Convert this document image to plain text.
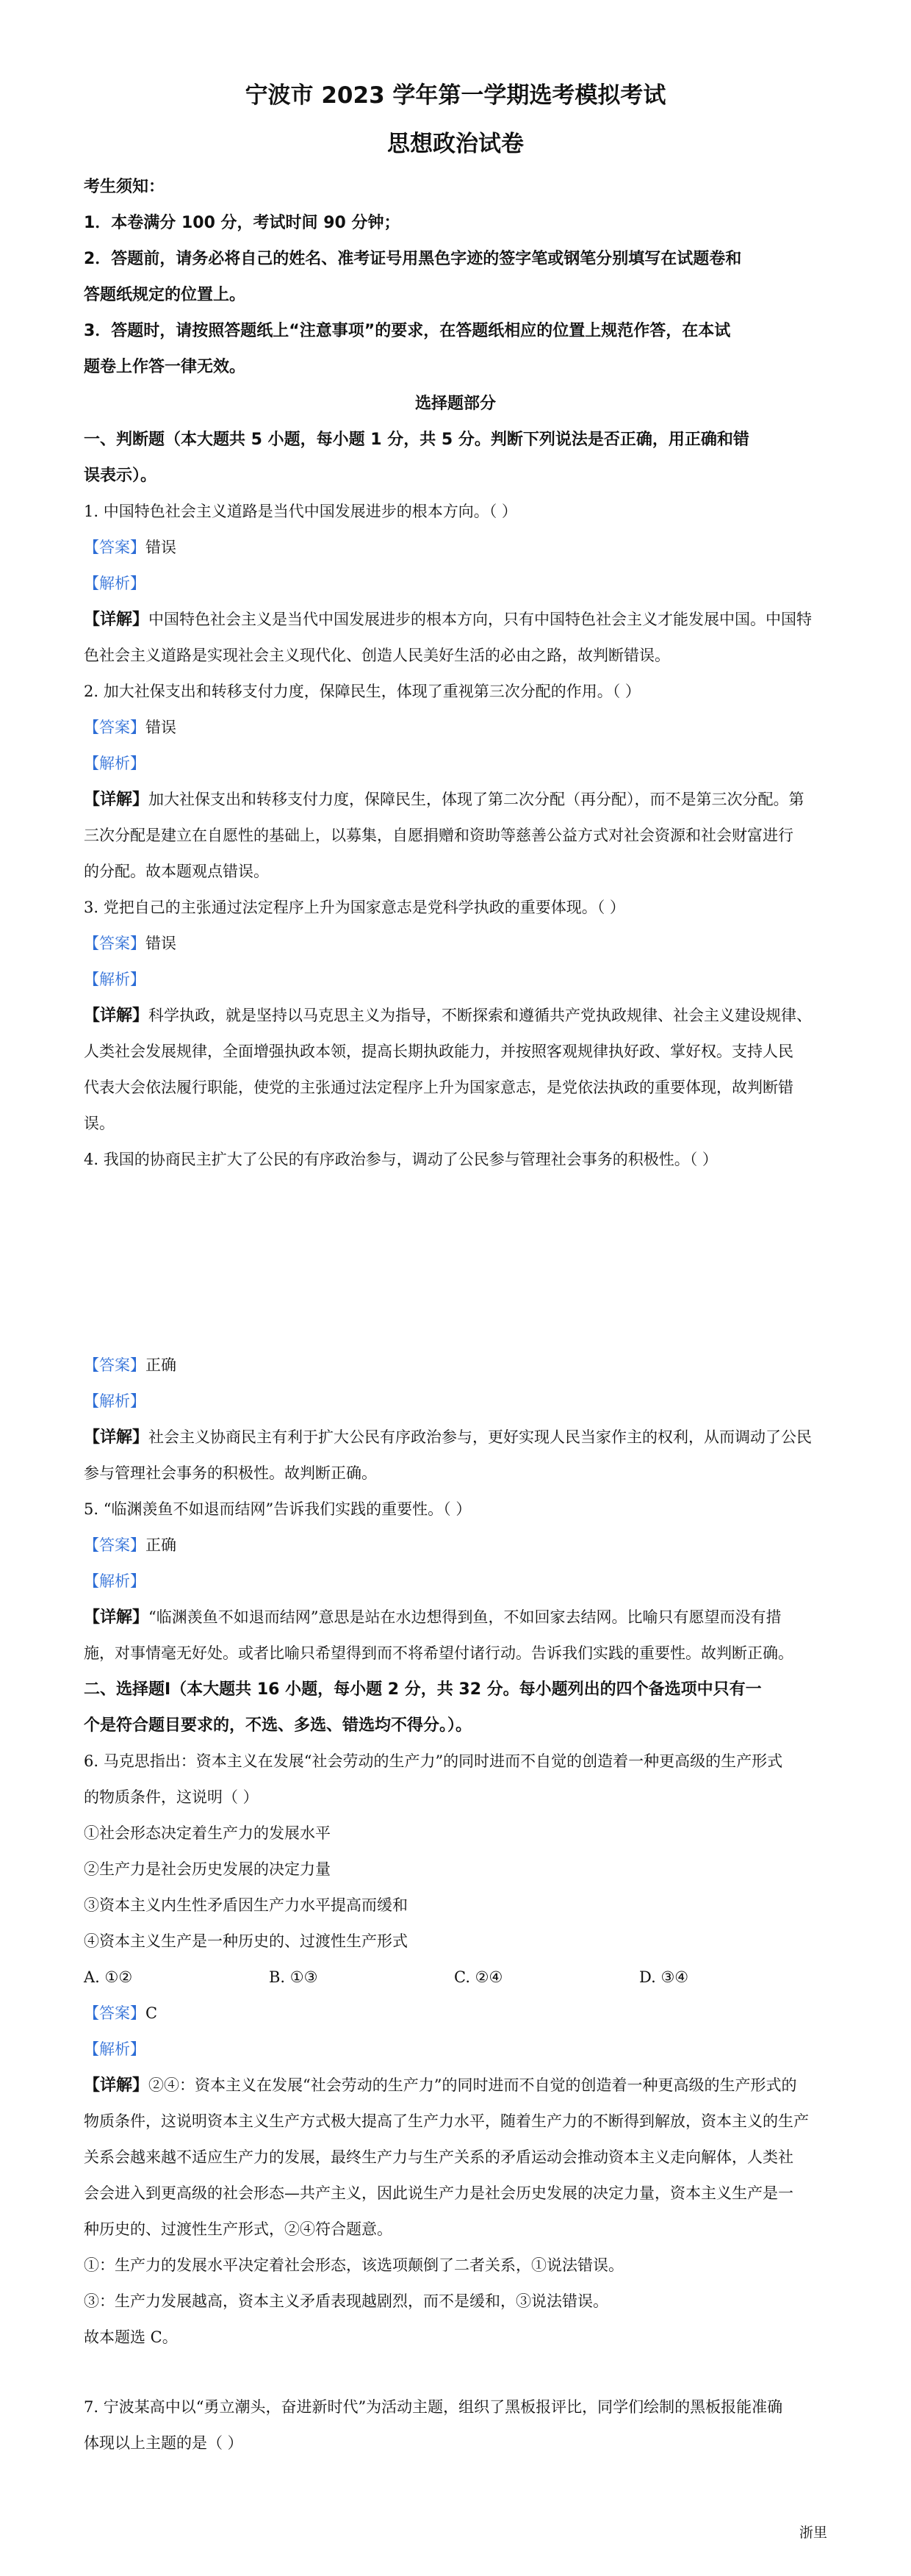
宁波市 2023 学年第一学期选考模拟考试
思想政治试卷
考生须知：
1．本卷满分 100 分，考试时间 90 分钟；
2．答题前，请务必将自己的姓名、准考证号用黑色字迹的签字笔或钢笔分别填写在试题卷和
答题纸规定的位置上。
3．答题时，请按照答题纸上“注意事项”的要求，在答题纸相应的位置上规范作答，在本试
题卷上作答一律无效。
选择题部分
一、判断题（本大题共 5 小题，每小题 1 分，共 5 分。判断下列说法是否正确，用正确和错
误表示）。
1. 中国特色社会主义道路是当代中国发展进步的根本方向。（ ）
【答案】错误
【解析】
【详解】中国特色社会主义是当代中国发展进步的根本方向，只有中国特色社会主义才能发展中国。中国特
色社会主义道路是实现社会主义现代化、创造人民美好生活的必由之路，故判断错误。
2. 加大社保支出和转移支付力度，保障民生，体现了重视第三次分配的作用。（ ）
【答案】错误
【解析】
【详解】加大社保支出和转移支付力度，保障民生，体现了第二次分配（再分配），而不是第三次分配。第
三次分配是建立在自愿性的基础上，以募集，自愿捐赠和资助等慈善公益方式对社会资源和社会财富进行
的分配。故本题观点错误。
3. 党把自己的主张通过法定程序上升为国家意志是党科学执政的重要体现。（ ）
【答案】错误
【解析】
【详解】科学执政，就是坚持以马克思主义为指导，不断探索和遵循共产党执政规律、社会主义建设规律、
人类社会发展规律，全面增强执政本领，提高长期执政能力，并按照客观规律执好政、掌好权。支持人民
代表大会依法履行职能，使党的主张通过法定程序上升为国家意志，是党依法执政的重要体现，故判断错
误。
4. 我国的协商民主扩大了公民的有序政治参与，调动了公民参与管理社会事务的积极性。（ ）
【答案】正确
【解析】
【详解】社会主义协商民主有利于扩大公民有序政治参与，更好实现人民当家作主的权利，从而调动了公民
参与管理社会事务的积极性。故判断正确。
5. “临渊羡鱼不如退而结网”告诉我们实践的重要性。（ ）
【答案】正确
【解析】
【详解】“临渊羡鱼不如退而结网”意思是站在水边想得到鱼，不如回家去结网。比喻只有愿望而没有措
施，对事情毫无好处。或者比喻只希望得到而不将希望付诸行动。告诉我们实践的重要性。故判断正确。
二、选择题Ⅰ（本大题共 16 小题，每小题 2 分，共 32 分。每小题列出的四个备选项中只有一
个是符合题目要求的，不选、多选、错选均不得分。）。
6. 马克思指出：资本主义在发展“社会劳动的生产力”的同时进而不自觉的创造着一种更高级的生产形式
的物质条件，这说明（ ）
①社会形态决定着生产力的发展水平
②生产力是社会历史发展的决定力量
③资本主义内生性矛盾因生产力水平提高而缓和
④资本主义生产是一种历史的、过渡性生产形式
A. ①②	B. ①③	C. ②④	D. ③④
【答案】C
【解析】
【详解】②④：资本主义在发展“社会劳动的生产力”的同时进而不自觉的创造着一种更高级的生产形式的
物质条件，这说明资本主义生产方式极大提高了生产力水平，随着生产力的不断得到解放，资本主义的生产
关系会越来越不适应生产力的发展，最终生产力与生产关系的矛盾运动会推动资本主义走向解体，人类社
会会进入到更高级的社会形态—共产主义，因此说生产力是社会历史发展的决定力量，资本主义生产是一
种历史的、过渡性生产形式，②④符合题意。
①：生产力的发展水平决定着社会形态，该选项颠倒了二者关系，①说法错误。
③：生产力发展越高，资本主义矛盾表现越剧烈，而不是缓和，③说法错误。
故本题选 C。
7. 宁波某高中以“勇立潮头，奋进新时代”为活动主题，组织了黑板报评比，同学们绘制的黑板报能准确
体现以上主题的是（ ）
浙里
